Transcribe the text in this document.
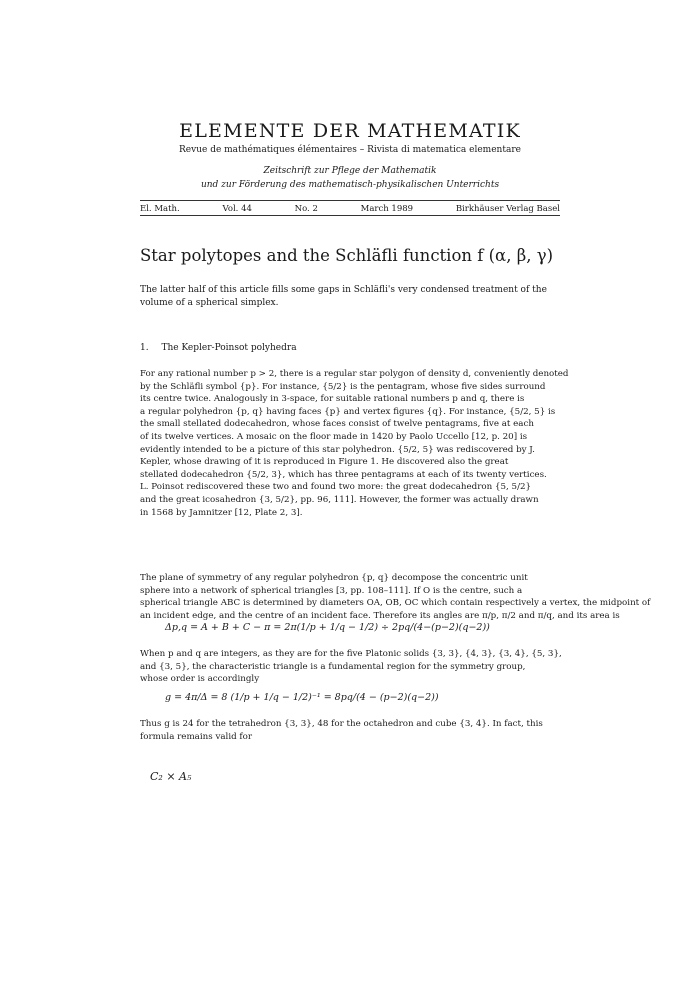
ELEMENTE DER MATHEMATIK
Revue de mathématiques élémentaires – Rivista di matematica elementare
Zeitschrift zur Pflege der Mathematik
und zur Förderung des mathematisch-physikalischen Unterrichts
El. Math.	Vol. 44	No. 2	March 1989	Birkhäuser Verlag Basel
Star polytopes and the Schläfli function f (α, β, γ)
The latter half of this article fills some gaps in Schläfli's very condensed treatment of the
volume of a spherical simplex.
1. The Kepler-Poinsot polyhedra
For any rational number p > 2, there is a regular star polygon of density d, conveniently denoted
by the Schläfli symbol {p}. For instance, {5/2} is the pentagram, whose five sides surround
its centre twice. Analogously in 3-space, for suitable rational numbers p and q, there is
a regular polyhedron {p, q} having faces {p} and vertex figures {q}. For instance, {5/2, 5} is
the small stellated dodecahedron, whose faces consist of twelve pentagrams, five at each
of its twelve vertices. A mosaic on the floor made in 1420 by Paolo Uccello [12, p. 20] is
evidently intended to be a picture of this star polyhedron. {5/2, 5} was rediscovered by J.
Kepler, whose drawing of it is reproduced in Figure 1. He discovered also the great
stellated dodecahedron {5/2, 3}, which has three pentagrams at each of its twenty vertices.
L. Poinsot rediscovered these two and found two more: the great dodecahedron {5, 5/2}
and the great icosahedron {3, 5/2}, pp. 96, 111]. However, the former was actually drawn
in 1568 by Jamnitzer [12, Plate 2, 3].
The plane of symmetry of any regular polyhedron {p, q} decompose the concentric unit
sphere into a network of spherical triangles [3, pp. 108–111]. If O is the centre, such a
spherical triangle ABC is determined by diameters OA, OB, OC which contain respectively a vertex, the midpoint of
an incident edge, and the centre of an incident face. Therefore its angles are π/p, π/2 and π/q, and its area is
Δp,q = A + B + C − π = 2π(1/p + 1/q − 1/2) ÷ 2pq/(4−(p−2)(q−2))
When p and q are integers, as they are for the five Platonic solids {3, 3}, {4, 3}, {3, 4}, {5, 3},
and {3, 5}, the characteristic triangle is a fundamental region for the symmetry group,
whose order is accordingly
g = 4π/Δ = 8 (1/p + 1/q − 1/2)⁻¹ = 8pq/(4 − (p−2)(q−2))
Thus g is 24 for the tetrahedron {3, 3}, 48 for the octahedron and cube {3, 4}. In fact, this
formula remains valid for
C₂ × A₅
